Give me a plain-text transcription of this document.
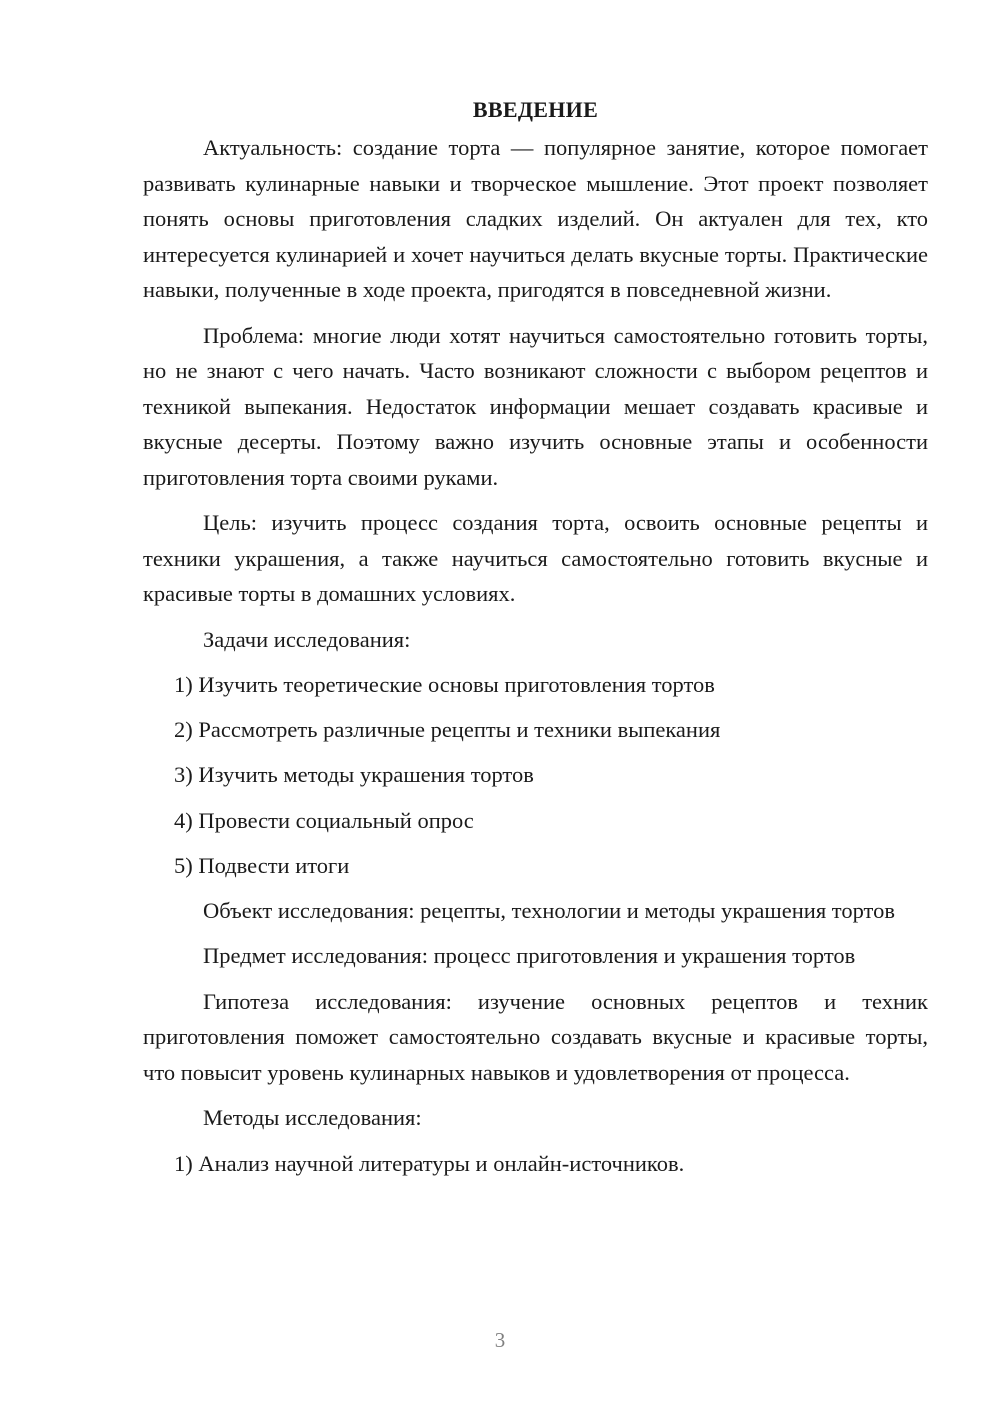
ВВЕДЕНИЕ

Актуальность: создание торта — популярное занятие, которое помогает развивать кулинарные навыки и творческое мышление. Этот проект позволяет понять основы приготовления сладких изделий. Он актуален для тех, кто интересуется кулинарией и хочет научиться делать вкусные торты. Практические навыки, полученные в ходе проекта, пригодятся в повседневной жизни.

Проблема: многие люди хотят научиться самостоятельно готовить торты, но не знают с чего начать. Часто возникают сложности с выбором рецептов и техникой выпекания. Недостаток информации мешает создавать красивые и вкусные десерты. Поэтому важно изучить основные этапы и особенности приготовления торта своими руками.

Цель: изучить процесс создания торта, освоить основные рецепты и техники украшения, а также научиться самостоятельно готовить вкусные и красивые торты в домашних условиях.

Задачи исследования:

1) Изучить теоретические основы приготовления тортов

2) Рассмотреть различные рецепты и техники выпекания

3) Изучить методы украшения тортов

4) Провести социальный опрос

5) Подвести итоги

Объект исследования: рецепты, технологии и методы украшения тортов

Предмет исследования: процесс приготовления и украшения тортов

Гипотеза исследования: изучение основных рецептов и техник приготовления поможет самостоятельно создавать вкусные и красивые торты, что повысит уровень кулинарных навыков и удовлетворения от процесса.

Методы исследования:

1) Анализ научной литературы и онлайн-источников.

3
